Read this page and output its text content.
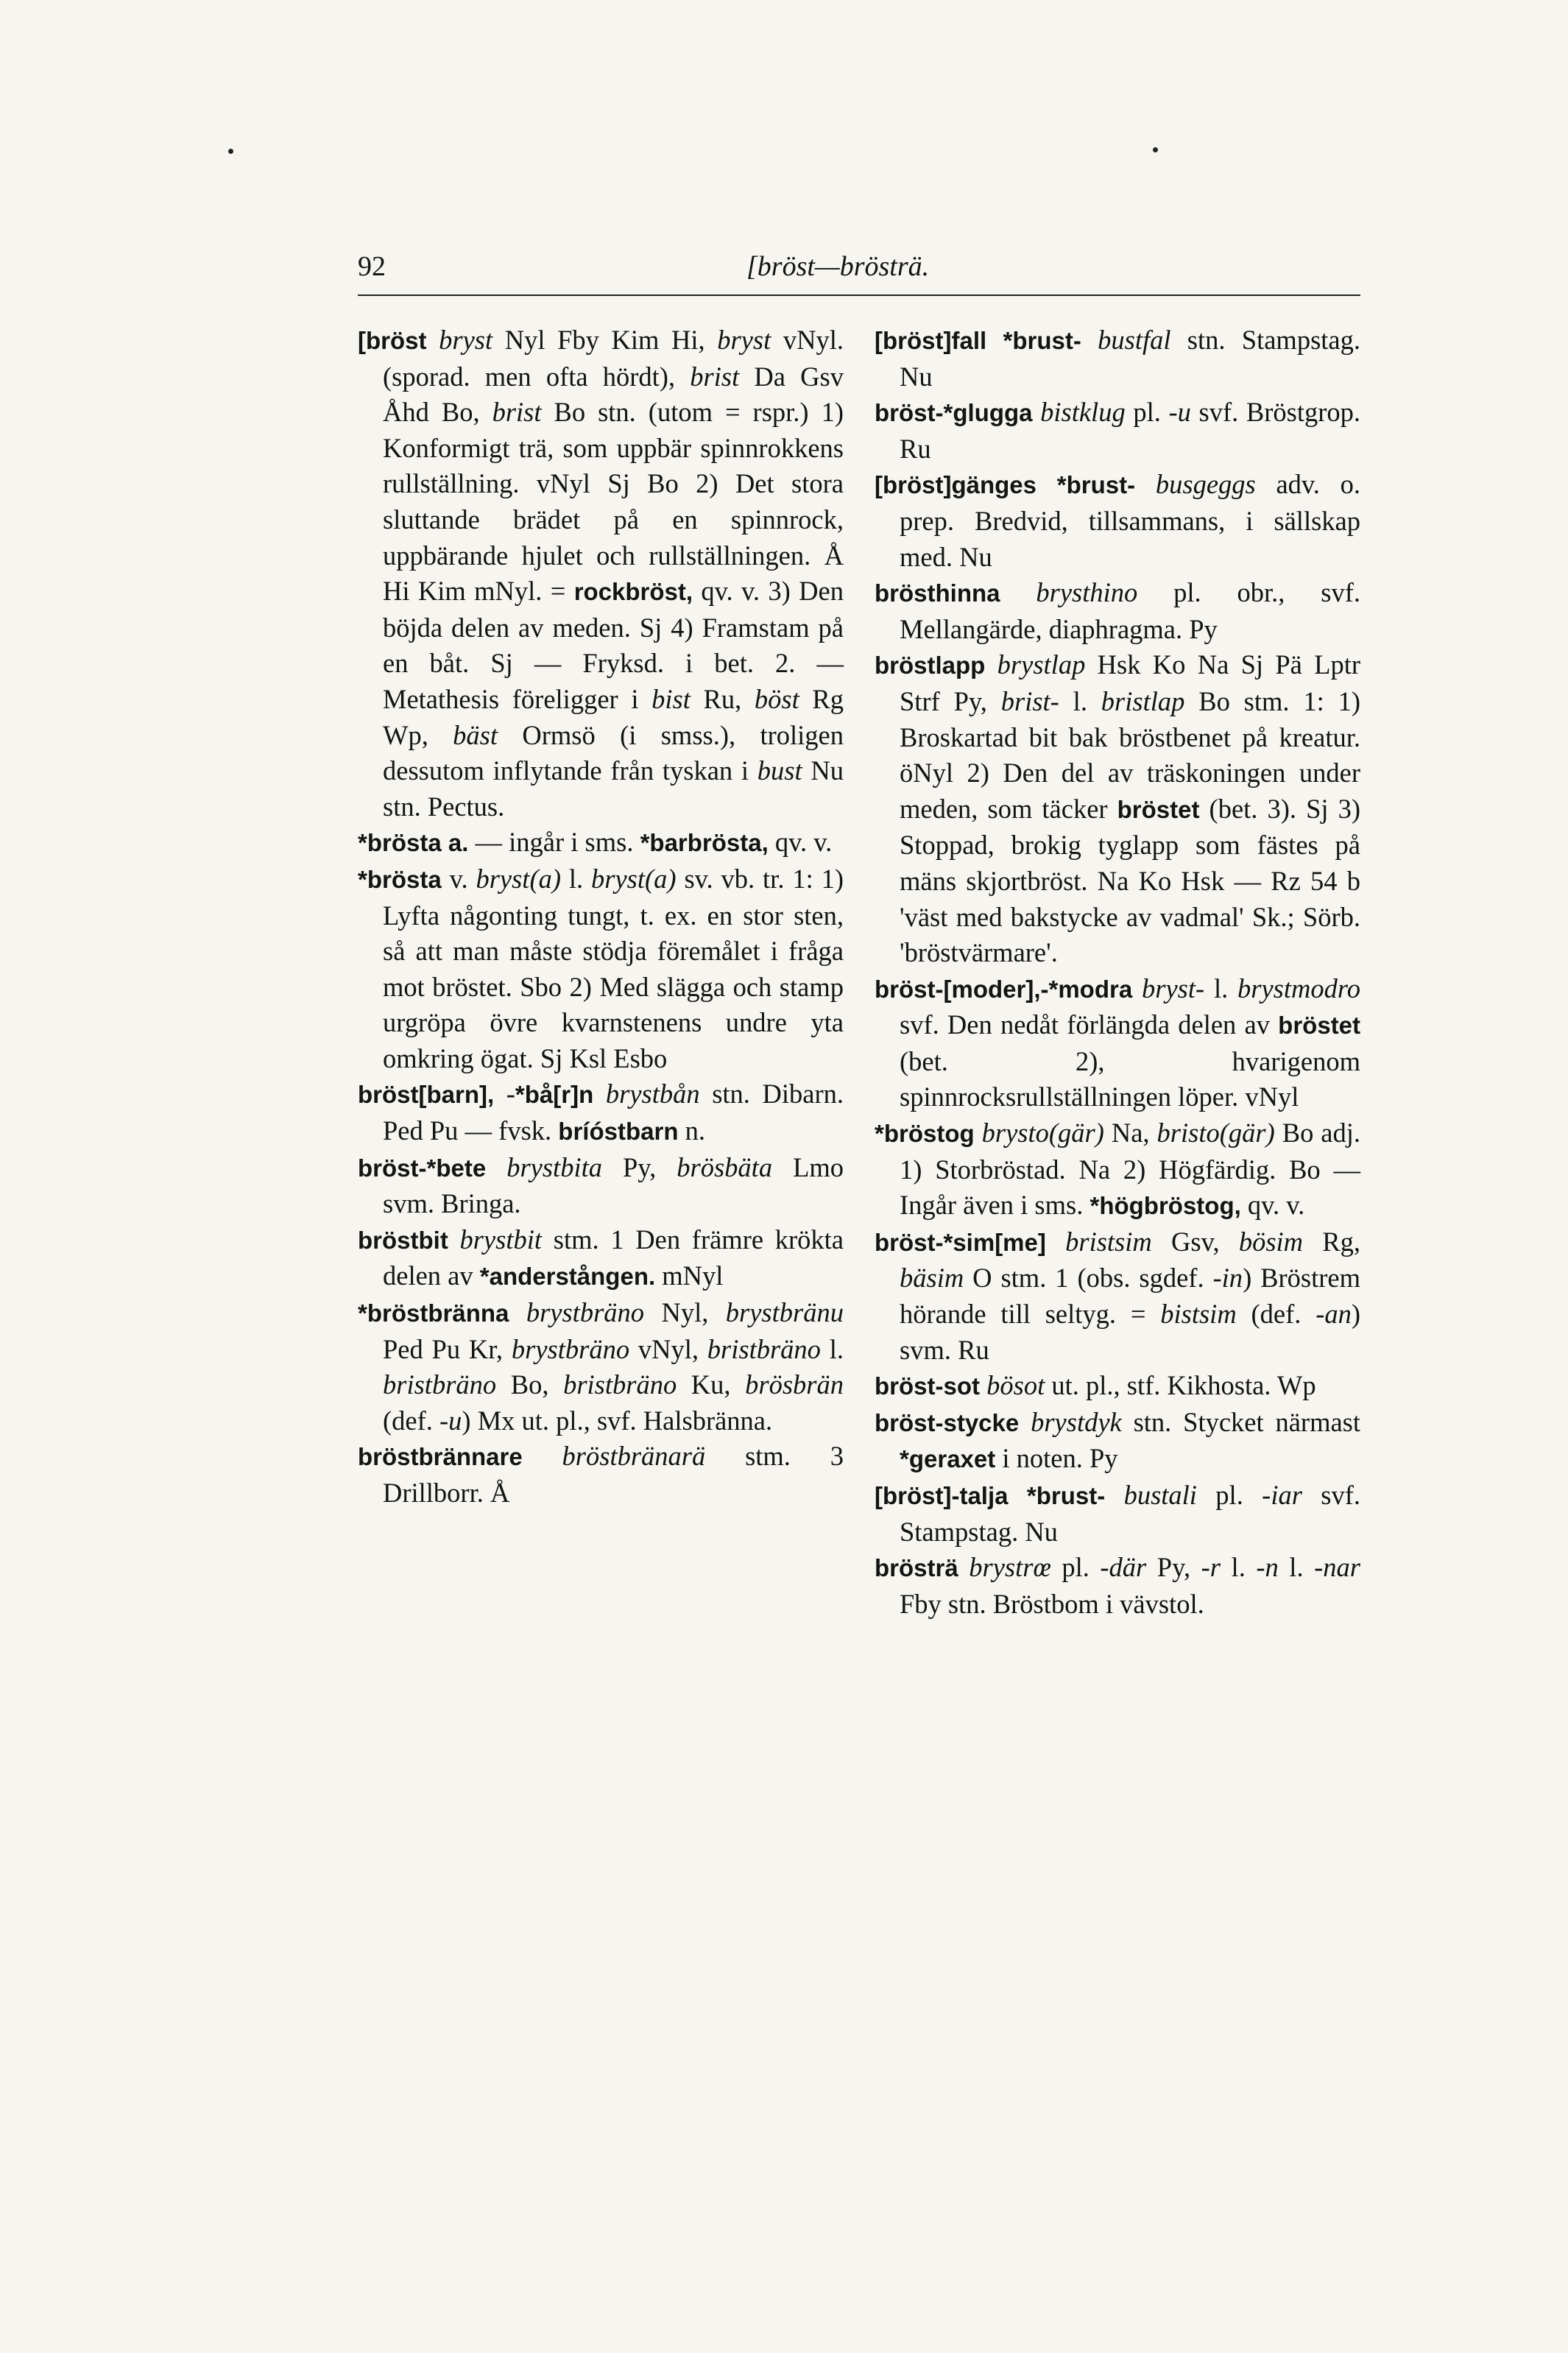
92	[bröst—brösträ.

[bröst bryst Nyl Fby Kim Hi, bryst vNyl. (sporad. men ofta hördt), brist Da Gsv Åhd Bo, brist Bo stn. (utom = rspr.) 1) Konformigt trä, som uppbär spinnrokkens rullställning. vNyl Sj Bo 2) Det stora sluttande brädet på en spinnrock, uppbärande hjulet och rullställningen. Å Hi Kim mNyl. = rockbröst, qv. v. 3) Den böjda delen av meden. Sj 4) Framstam på en båt. Sj — Fryksd. i bet. 2. — Metathesis föreligger i bist Ru, böst Rg Wp, bäst Ormsö (i smss.), troligen dessutom inflytande från tyskan i bust Nu stn. Pectus.

*brösta a. — ingår i sms. *barbrösta, qv. v.

*brösta v. bryst(a) l. bryst(a) sv. vb. tr. 1: 1) Lyfta någonting tungt, t. ex. en stor sten, så att man måste stödja föremålet i fråga mot bröstet. Sbo 2) Med slägga och stamp urgröpa övre kvarnstenens undre yta omkring ögat. Sj Ksl Esbo

bröst[barn], -*bå[r]n brystbån stn. Dibarn. Ped Pu — fvsk. bríóstbarn n.

bröst-*bete brystbita Py, brösbäta Lmo svm. Bringa.

bröstbit brystbit stm. 1 Den främre krökta delen av *anderstången. mNyl

*bröstbränna brystbräno Nyl, brystbränu Ped Pu Kr, brystbräno vNyl, bristbräno l. bristbräno Bo, bristbräno Ku, brösbrän (def. -u) Mx ut. pl., svf. Halsbränna.

bröstbrännare bröstbränarä stm. 3 Drillborr. Å

[bröst]fall *brust- bustfal stn. Stampstag. Nu

bröst-*glugga bistklug pl. -u svf. Bröstgrop. Ru

[bröst]gänges *brust- busgeggs adv. o. prep. Bredvid, tillsammans, i sällskap med. Nu

brösthinna brysthino pl. obr., svf. Mellangärde, diaphragma. Py

bröstlapp brystlap Hsk Ko Na Sj Pä Lptr Strf Py, brist- l. bristlap Bo stm. 1: 1) Broskartad bit bak bröstbenet på kreatur. öNyl 2) Den del av träskoningen under meden, som täcker bröstet (bet. 3). Sj 3) Stoppad, brokig tyglapp som fästes på mäns skjortbröst. Na Ko Hsk — Rz 54 b 'väst med bakstycke av vadmal' Sk.; Sörb. 'bröstvärmare'.

bröst-[moder],-*modra bryst- l. brystmodro svf. Den nedåt förlängda delen av bröstet (bet. 2), hvarigenom spinnrocksrullställningen löper. vNyl

*bröstog brysto(gär) Na, bristo(gär) Bo adj. 1) Storbröstad. Na 2) Högfärdig. Bo — Ingår även i sms. *högbröstog, qv. v.

bröst-*sim[me] bristsim Gsv, bösim Rg, bäsim O stm. 1 (obs. sgdef. -in) Bröstrem hörande till seltyg. = bistsim (def. -an) svm. Ru

bröst-sot bösot ut. pl., stf. Kikhosta. Wp

bröst-stycke brystdyk stn. Stycket närmast *geraxet i noten. Py

[bröst]-talja *brust- bustali pl. -iar svf. Stampstag. Nu

brösträ brystrœ pl. -där Py, -r l. -n l. -nar Fby stn. Bröstbom i vävstol.
